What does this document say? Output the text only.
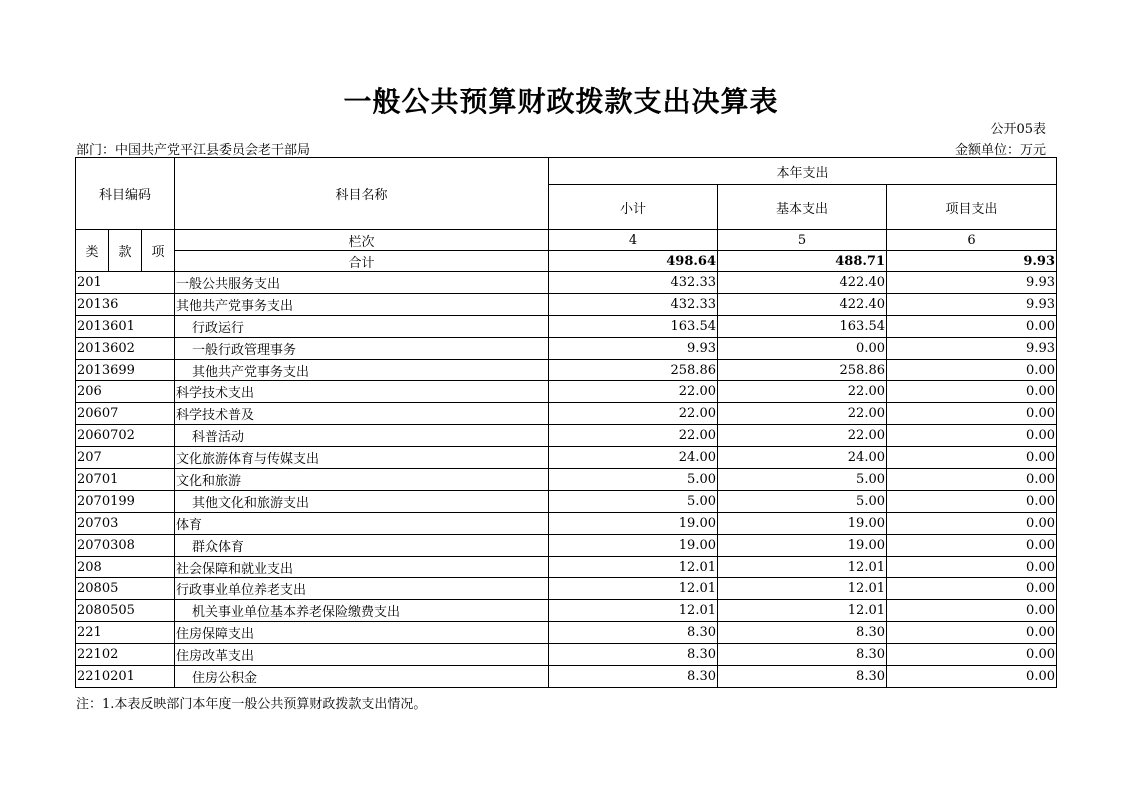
一般公共预算财政拨款支出决算表
公开05表
部门：中国共产党平江县委员会老干部局	金额单位：万元
科目编码			科目名称	本年支出		
				小计	基本支出	项目支出
类	款	项	栏次	4	5	6
			合计	498.64	488.71	9.93
201			一般公共服务支出	432.33	422.40	9.93
20136			其他共产党事务支出	432.33	422.40	9.93
2013601			行政运行	163.54	163.54	0.00
2013602			一般行政管理事务	9.93	0.00	9.93
2013699			其他共产党事务支出	258.86	258.86	0.00
206			科学技术支出	22.00	22.00	0.00
20607			科学技术普及	22.00	22.00	0.00
2060702			科普活动	22.00	22.00	0.00
207			文化旅游体育与传媒支出	24.00	24.00	0.00
20701			文化和旅游	5.00	5.00	0.00
2070199			其他文化和旅游支出	5.00	5.00	0.00
20703			体育	19.00	19.00	0.00
2070308			群众体育	19.00	19.00	0.00
208			社会保障和就业支出	12.01	12.01	0.00
20805			行政事业单位养老支出	12.01	12.01	0.00
2080505			机关事业单位基本养老保险缴费支出	12.01	12.01	0.00
221			住房保障支出	8.30	8.30	0.00
22102			住房改革支出	8.30	8.30	0.00
2210201			住房公积金	8.30	8.30	0.00
注：1.本表反映部门本年度一般公共预算财政拨款支出情况。
